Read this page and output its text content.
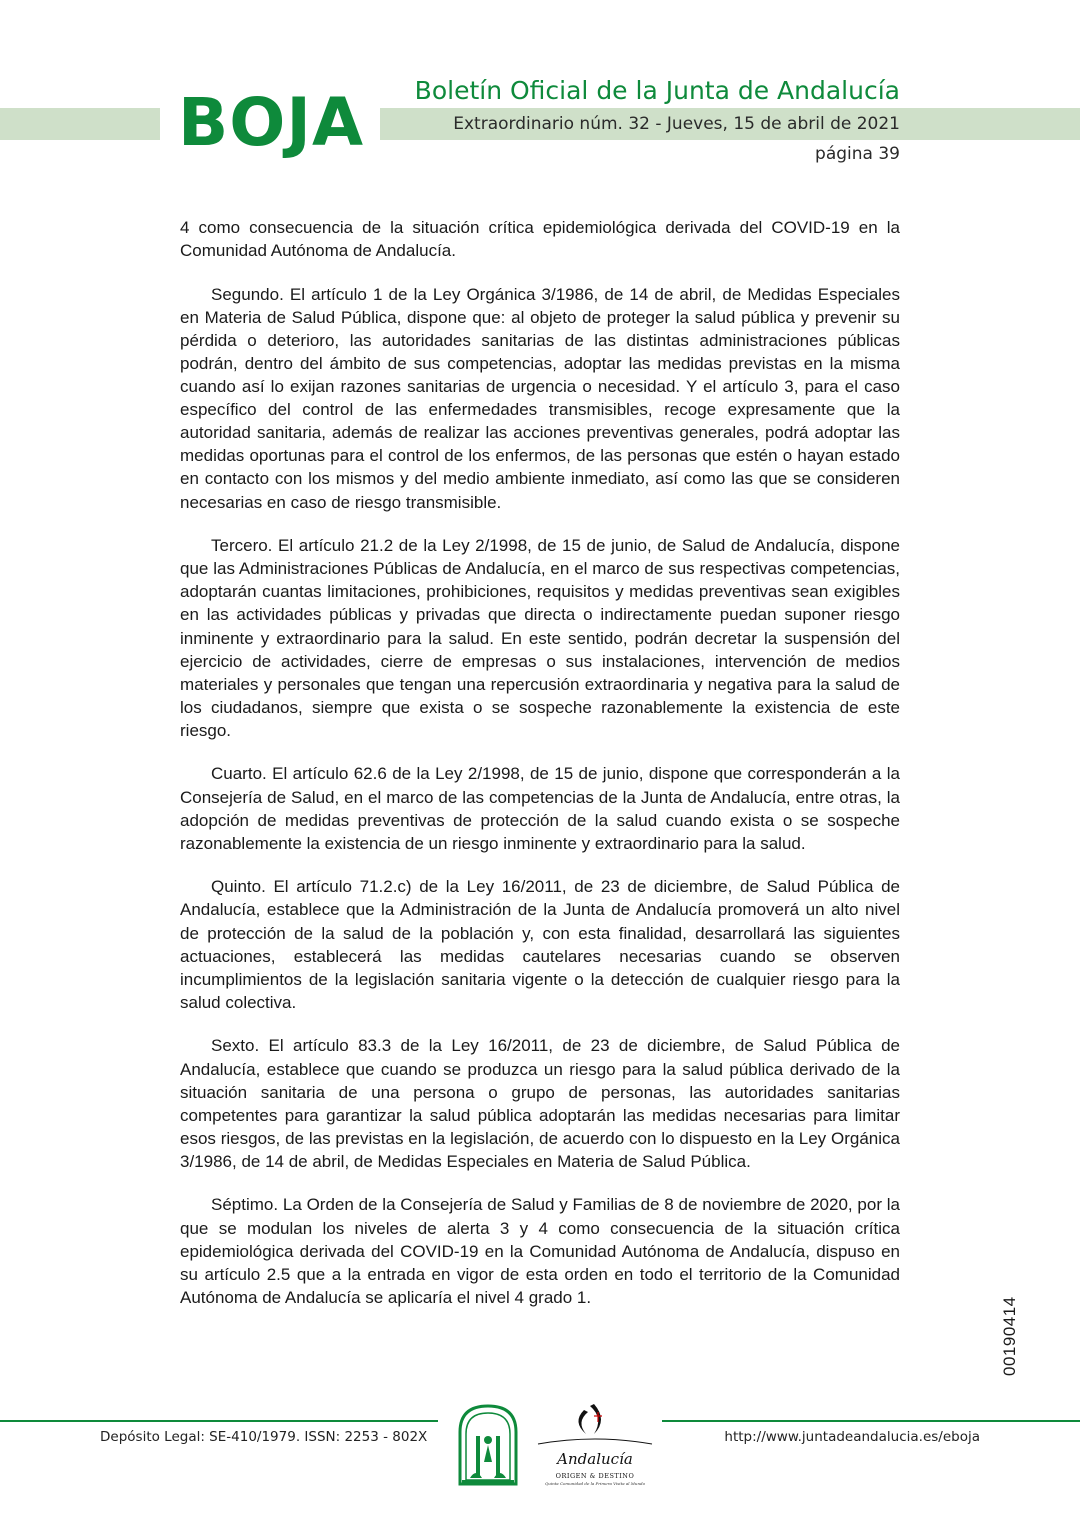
BOJA Boletín Oficial de la Junta de Andalucía
Extraordinario núm. 32 - Jueves, 15 de abril de 2021
página 39

4 como consecuencia de la situación crítica epidemiológica derivada del COVID-19 en la Comunidad Autónoma de Andalucía.

Segundo. El artículo 1 de la Ley Orgánica 3/1986, de 14 de abril, de Medidas Especiales en Materia de Salud Pública, dispone que: al objeto de proteger la salud pública y prevenir su pérdida o deterioro, las autoridades sanitarias de las distintas administraciones públicas podrán, dentro del ámbito de sus competencias, adoptar las medidas previstas en la misma cuando así lo exijan razones sanitarias de urgencia o necesidad. Y el artículo 3, para el caso específico del control de las enfermedades transmisibles, recoge expresamente que la autoridad sanitaria, además de realizar las acciones preventivas generales, podrá adoptar las medidas oportunas para el control de los enfermos, de las personas que estén o hayan estado en contacto con los mismos y del medio ambiente inmediato, así como las que se consideren necesarias en caso de riesgo transmisible.

Tercero. El artículo 21.2 de la Ley 2/1998, de 15 de junio, de Salud de Andalucía, dispone que las Administraciones Públicas de Andalucía, en el marco de sus respectivas competencias, adoptarán cuantas limitaciones, prohibiciones, requisitos y medidas preventivas sean exigibles en las actividades públicas y privadas que directa o indirectamente puedan suponer riesgo inminente y extraordinario para la salud. En este sentido, podrán decretar la suspensión del ejercicio de actividades, cierre de empresas o sus instalaciones, intervención de medios materiales y personales que tengan una repercusión extraordinaria y negativa para la salud de los ciudadanos, siempre que exista o se sospeche razonablemente la existencia de este riesgo.

Cuarto. El artículo 62.6 de la Ley 2/1998, de 15 de junio, dispone que corresponderán a la Consejería de Salud, en el marco de las competencias de la Junta de Andalucía, entre otras, la adopción de medidas preventivas de protección de la salud cuando exista o se sospeche razonablemente la existencia de un riesgo inminente y extraordinario para la salud.

Quinto. El artículo 71.2.c) de la Ley 16/2011, de 23 de diciembre, de Salud Pública de Andalucía, establece que la Administración de la Junta de Andalucía promoverá un alto nivel de protección de la salud de la población y, con esta finalidad, desarrollará las siguientes actuaciones, establecerá las medidas cautelares necesarias cuando se observen incumplimientos de la legislación sanitaria vigente o la detección de cualquier riesgo para la salud colectiva.

Sexto. El artículo 83.3 de la Ley 16/2011, de 23 de diciembre, de Salud Pública de Andalucía, establece que cuando se produzca un riesgo para la salud pública derivado de la situación sanitaria de una persona o grupo de personas, las autoridades sanitarias competentes para garantizar la salud pública adoptarán las medidas necesarias para limitar esos riesgos, de las previstas en la legislación, de acuerdo con lo dispuesto en la Ley Orgánica 3/1986, de 14 de abril, de Medidas Especiales en Materia de Salud Pública.

Séptimo. La Orden de la Consejería de Salud y Familias de 8 de noviembre de 2020, por la que se modulan los niveles de alerta 3 y 4 como consecuencia de la situación crítica epidemiológica derivada del COVID-19 en la Comunidad Autónoma de Andalucía, dispuso en su artículo 2.5 que a la entrada en vigor de esta orden en todo el territorio de la Comunidad Autónoma de Andalucía se aplicaría el nivel 4 grado 1.	00190414
Depósito Legal: SE-410/1979. ISSN: 2253 - 802X	http://www.juntadeandalucia.es/eboja
Andalucía
ORIGEN & DESTINO
Quinta Comunidad de la Primera Visita al Mundo
